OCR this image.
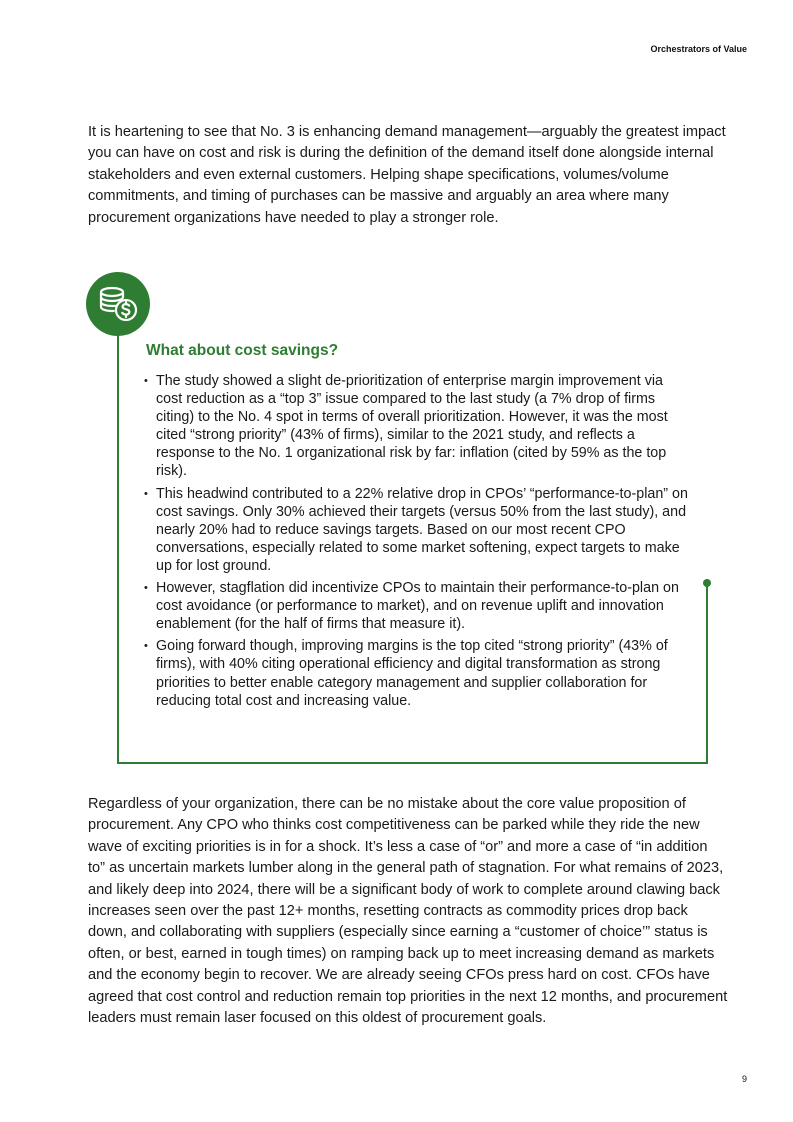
Orchestrators of Value

It is heartening to see that No. 3 is enhancing demand management—arguably the greatest impact you can have on cost and risk is during the definition of the demand itself done alongside internal stakeholders and even external customers. Helping shape specifications, volumes/volume commitments, and timing of purchases can be massive and arguably an area where many procurement organizations have needed to play a stronger role.

What about cost savings?
• The study showed a slight de-prioritization of enterprise margin improvement via cost reduction as a “top 3” issue compared to the last study (a 7% drop of firms citing) to the No. 4 spot in terms of overall prioritization. However, it was the most cited “strong priority” (43% of firms), similar to the 2021 study, and reflects a response to the No. 1 organizational risk by far: inflation (cited by 59% as the top risk).
• This headwind contributed to a 22% relative drop in CPOs’ “performance-to-plan” on cost savings. Only 30% achieved their targets (versus 50% from the last study), and nearly 20% had to reduce savings targets. Based on our most recent CPO conversations, especially related to some market softening, expect targets to make up for lost ground.
• However, stagflation did incentivize CPOs to maintain their performance-to-plan on cost avoidance (or performance to market), and on revenue uplift and innovation enablement (for the half of firms that measure it).
• Going forward though, improving margins is the top cited “strong priority” (43% of firms), with 40% citing operational efficiency and digital transformation as strong priorities to better enable category management and supplier collaboration for reducing total cost and increasing value.

Regardless of your organization, there can be no mistake about the core value proposition of procurement. Any CPO who thinks cost competitiveness can be parked while they ride the new wave of exciting priorities is in for a shock. It’s less a case of “or” and more a case of “in addition to” as uncertain markets lumber along in the general path of stagnation. For what remains of 2023, and likely deep into 2024, there will be a significant body of work to complete around clawing back increases seen over the past 12+ months, resetting contracts as commodity prices drop back down, and collaborating with suppliers (especially since earning a “customer of choice’” status is often, or best, earned in tough times) on ramping back up to meet increasing demand as markets and the economy begin to recover. We are already seeing CFOs press hard on cost. CFOs have agreed that cost control and reduction remain top priorities in the next 12 months, and procurement leaders must remain laser focused on this oldest of procurement goals.

9
